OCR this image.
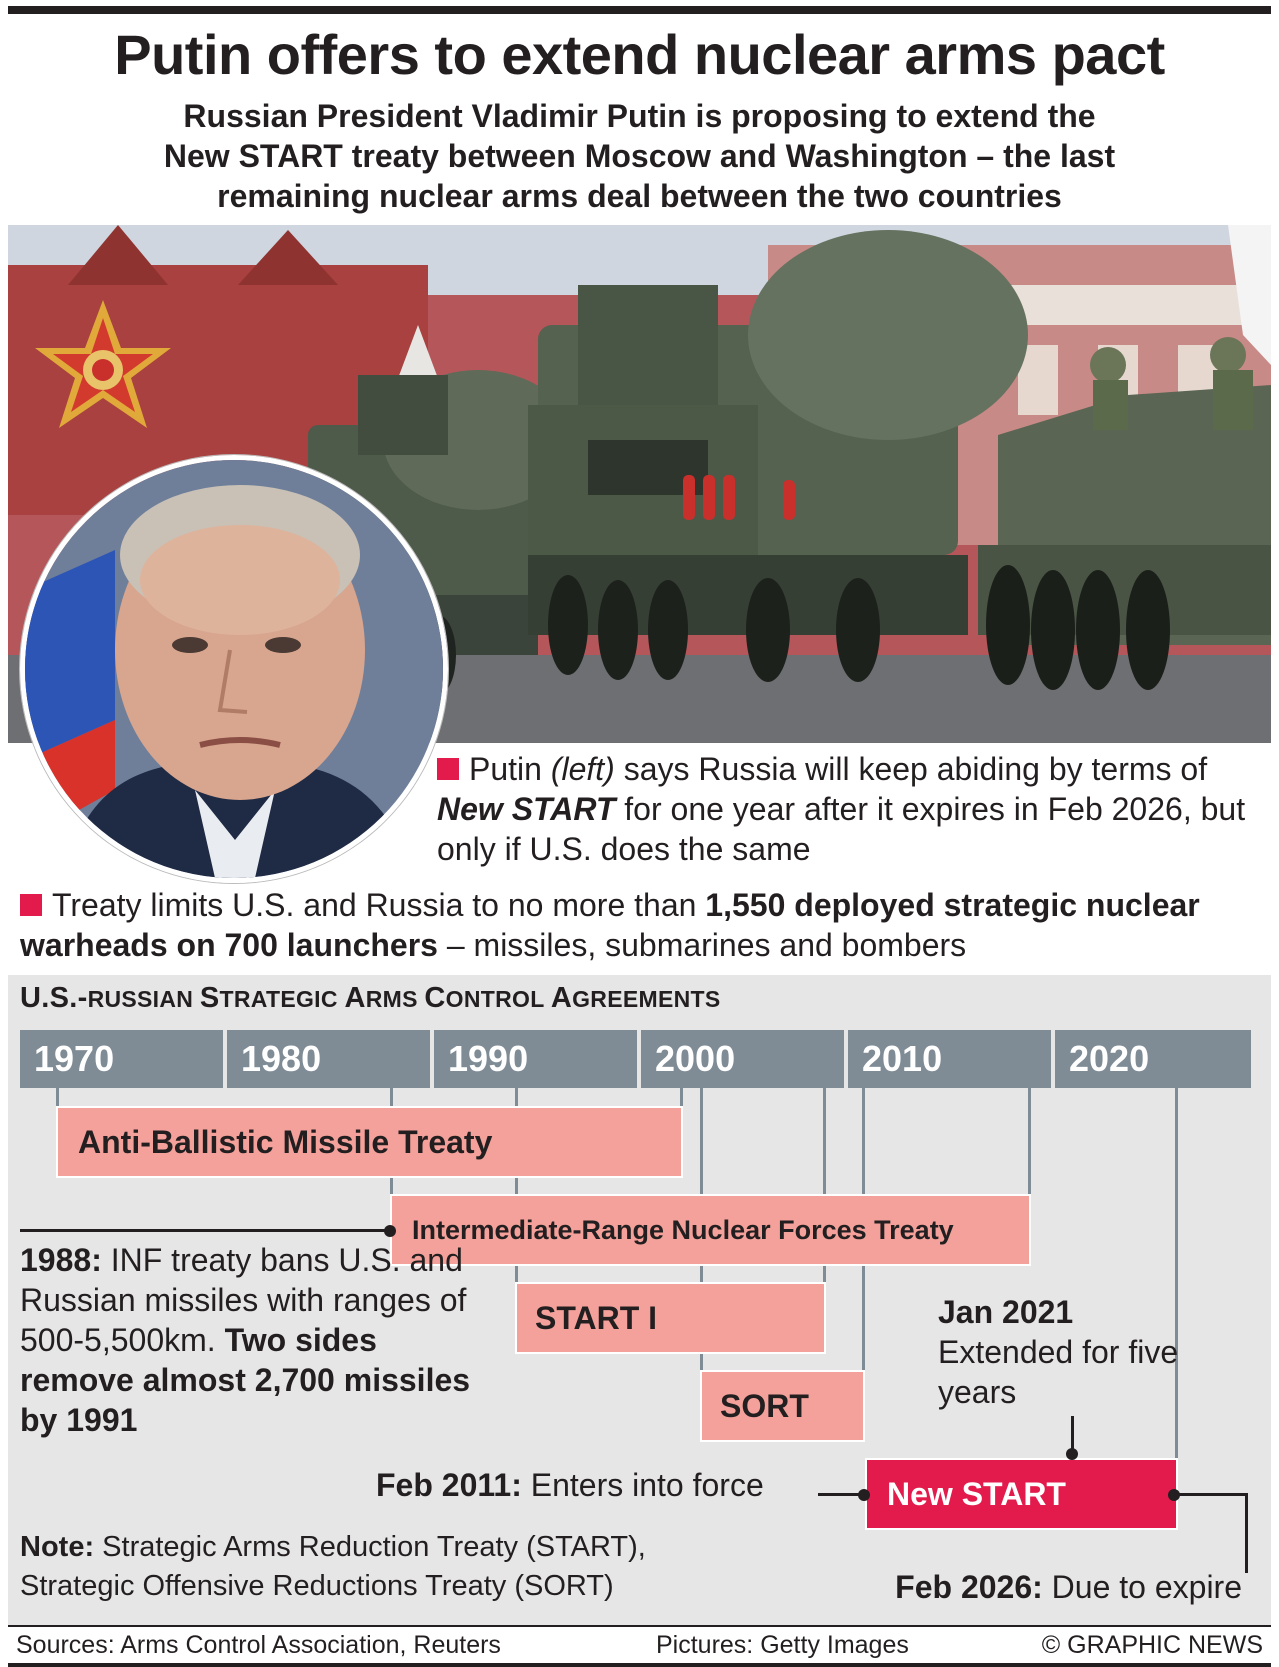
Putin offers to extend nuclear arms pact
Russian President Vladimir Putin is proposing to extend the
New START treaty between Moscow and Washington – the last
remaining nuclear arms deal between the two countries
Putin (left) says Russia will keep abiding by terms of New START for one year after it expires in Feb 2026, but only if U.S. does the same
Treaty limits U.S. and Russia to no more than 1,550 deployed strategic nuclear warheads on 700 launchers – missiles, submarines and bombers
U.S.-RUSSIAN STRATEGIC ARMS CONTROL AGREEMENTS
1970	1980	1990	2000	2010	2020
Anti-Ballistic Missile Treaty
Intermediate-Range Nuclear Forces Treaty
START I
SORT
New START
1988: INF treaty bans U.S. and Russian missiles with ranges of 500-5,500km. Two sides remove almost 2,700 missiles by 1991
Jan 2021
Extended for five years
Feb 2011: Enters into force
Feb 2026: Due to expire
Note: Strategic Arms Reduction Treaty (START),
Strategic Offensive Reductions Treaty (SORT)
Sources: Arms Control Association, Reuters	Pictures: Getty Images	© GRAPHIC NEWS
